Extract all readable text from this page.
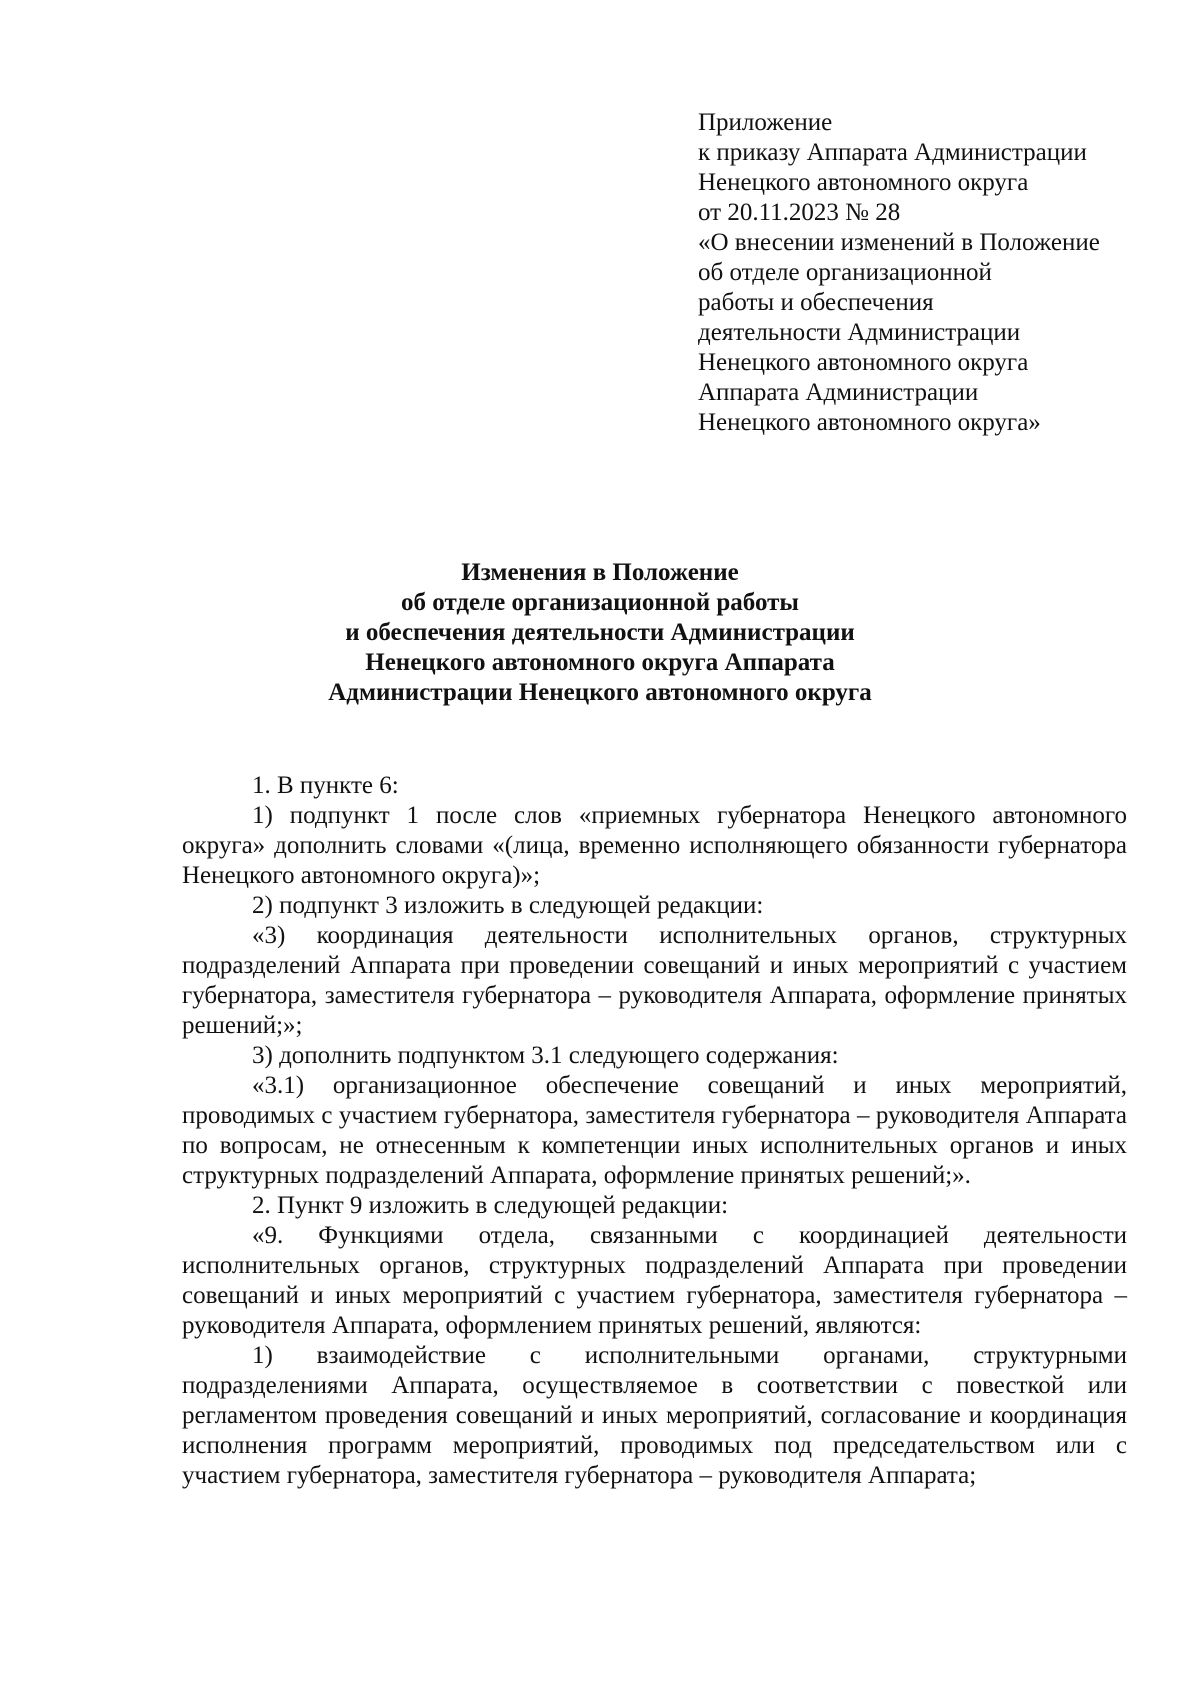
Приложение
к приказу Аппарата Администрации
Ненецкого автономного округа
от 20.11.2023 № 28
«О внесении изменений в Положение
об отделе организационной
работы и обеспечения
деятельности Администрации
Ненецкого автономного округа
Аппарата Администрации
Ненецкого автономного округа»
Изменения в Положение
об отделе организационной работы
и обеспечения деятельности Администрации
Ненецкого автономного округа Аппарата
Администрации Ненецкого автономного округа

1. В пункте 6:

1) подпункт 1 после слов «приемных губернатора Ненецкого автономного округа» дополнить словами «(лица, временно исполняющего обязанности губернатора Ненецкого автономного округа)»;

2) подпункт 3 изложить в следующей редакции:

«3) координация деятельности исполнительных органов, структурных подразделений Аппарата при проведении совещаний и иных мероприятий с участием губернатора, заместителя губернатора – руководителя Аппарата, оформление принятых решений;»;

3) дополнить подпунктом 3.1 следующего содержания:

«3.1) организационное обеспечение совещаний и иных мероприятий, проводимых с участием губернатора, заместителя губернатора – руководителя Аппарата по вопросам, не отнесенным к компетенции иных исполнительных органов и иных структурных подразделений Аппарата, оформление принятых решений;».

2. Пункт 9 изложить в следующей редакции:

«9. Функциями отдела, связанными с координацией деятельности исполнительных органов, структурных подразделений Аппарата при проведении совещаний и иных мероприятий с участием губернатора, заместителя губернатора – руководителя Аппарата, оформлением принятых решений, являются:

1) взаимодействие с исполнительными органами, структурными подразделениями Аппарата, осуществляемое в соответствии с повесткой или регламентом проведения совещаний и иных мероприятий, согласование и координация исполнения программ мероприятий, проводимых под председательством или с участием губернатора, заместителя губернатора – руководителя Аппарата;
